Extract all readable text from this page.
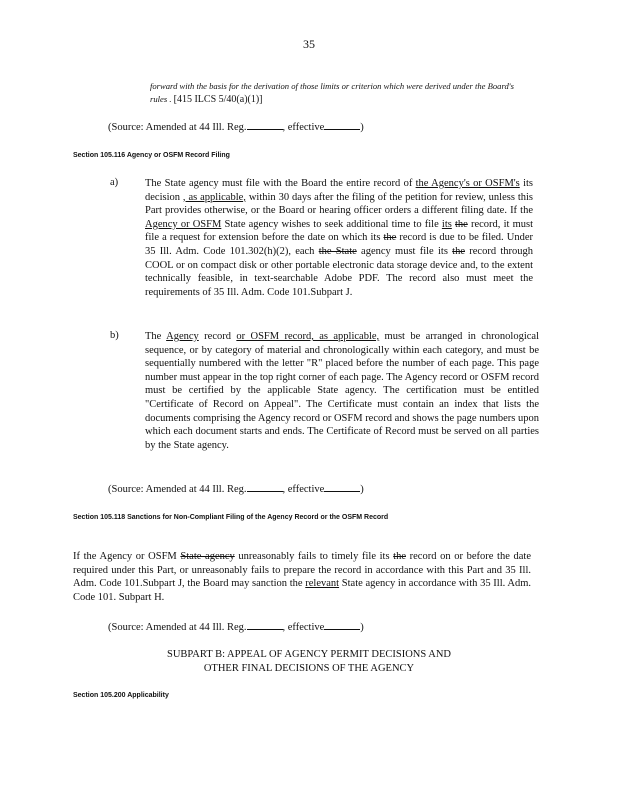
35
forward with the basis for the derivation of those limits or criterion which were derived under the Board's rules . [415 ILCS 5/40(a)(1)]
(Source: Amended at 44 Ill. Reg.	, effective	)
Section 105.116 Agency or OSFM Record Filing
a)	The State agency must file with the Board the entire record of the Agency's or OSFM's its decision , as applicable, within 30 days after the filing of the petition for review, unless this Part provides otherwise, or the Board or hearing officer orders a different filing date. If the Agency or OSFM State agency wishes to seek additional time to file its the record, it must file a request for extension before the date on which its the record is due to be filed. Under 35 Ill. Adm. Code 101.302(h)(2), each the State agency must file its the record through COOL or on compact disk or other portable electronic data storage device and, to the extent technically feasible, in text-searchable Adobe PDF. The record also must meet the requirements of 35 Ill. Adm. Code 101.Subpart J.
b)	The Agency record or OSFM record, as applicable, must be arranged in chronological sequence, or by category of material and chronologically within each category, and must be sequentially numbered with the letter "R" placed before the number of each page. This page number must appear in the top right corner of each page. The Agency record or OSFM record must be certified by the applicable State agency. The certification must be entitled "Certificate of Record on Appeal". The Certificate must contain an index that lists the documents comprising the Agency record or OSFM record and shows the page numbers upon which each document starts and ends. The Certificate of Record must be served on all parties by the State agency.
(Source: Amended at 44 Ill. Reg.	, effective	)
Section 105.118 Sanctions for Non-Compliant Filing of the Agency Record or the OSFM Record
If the Agency or OSFM State agency unreasonably fails to timely file its the record on or before the date required under this Part, or unreasonably fails to prepare the record in accordance with this Part and 35 Ill. Adm. Code 101.Subpart J, the Board may sanction the relevant State agency in accordance with 35 Ill. Adm. Code 101. Subpart H.
(Source: Amended at 44 Ill. Reg.	, effective	)
SUBPART B: APPEAL OF AGENCY PERMIT DECISIONS AND
OTHER FINAL DECISIONS OF THE AGENCY
Section 105.200 Applicability
